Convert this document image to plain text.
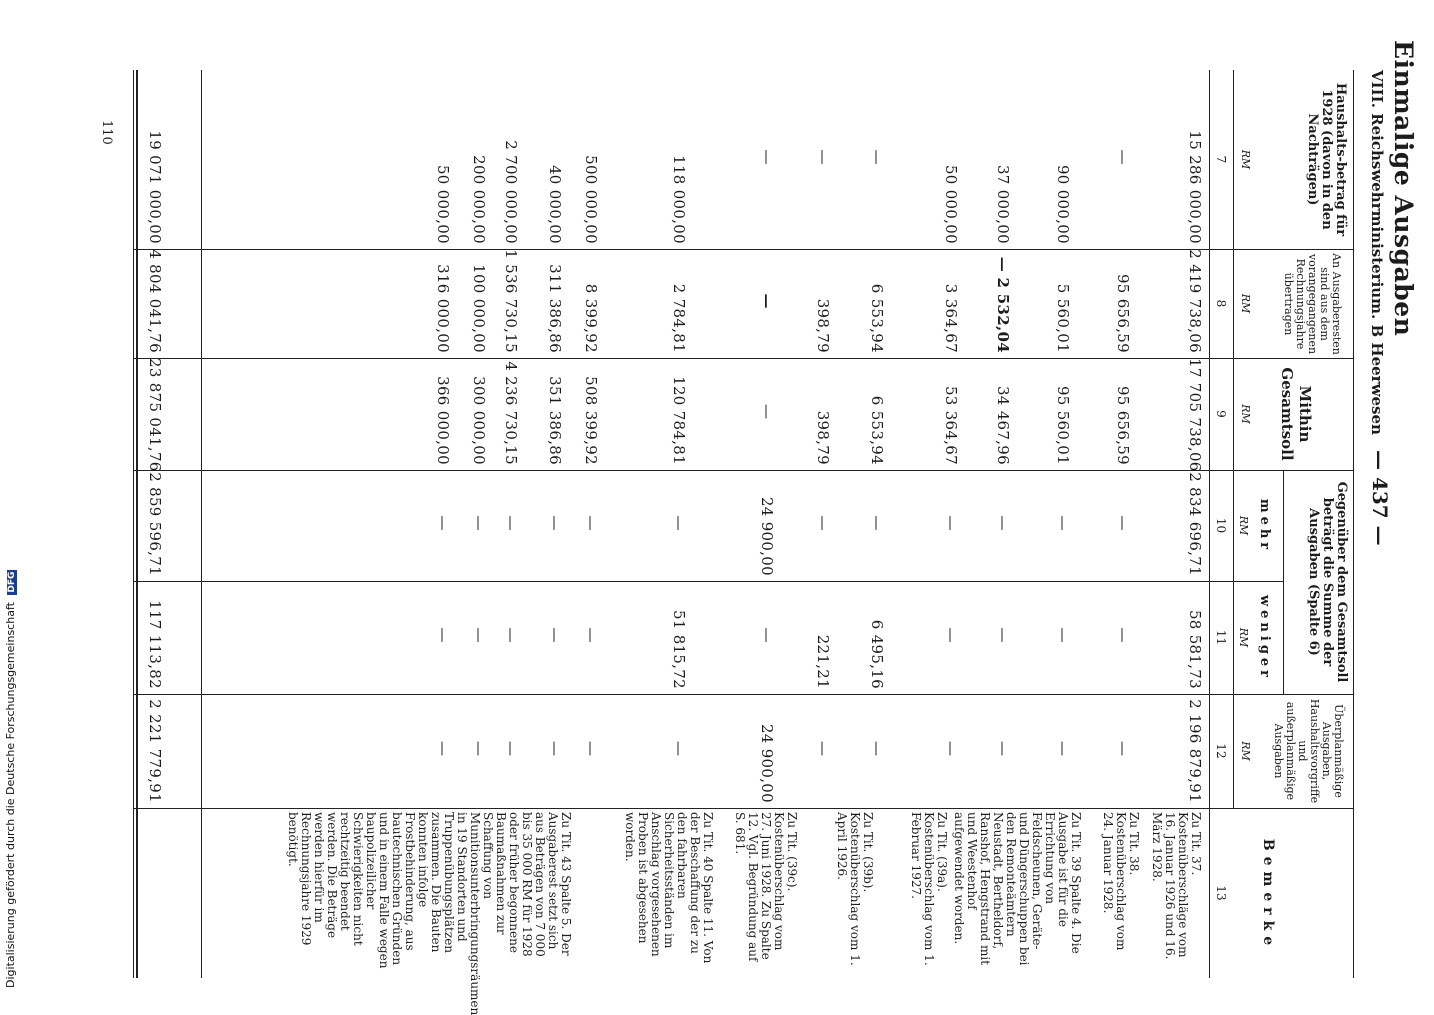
Einmalige Ausgaben
VIII. Reichswehrministerium. B Heerwesen
— 437 —
Haushalts-betrag für 1928 (davon in den Nachträgen)
An Ausgaberesten sind aus dem vorangegangenen Rechnungsjahre übertragen
Mithin Gesamtsoll
Gegenüber dem Gesamtsoll beträgt die Summe der Ausgaben (Spalte 6)
mehr
weniger
Überplanmäßige Ausgaben, Haushaltsvorgriffe und außerplanmäßige Ausgaben
Bemerke
RM
RM
RM
RM
RM
RM
7
8
9
10
11
12
13
15 286 000,00
2 419 738,06
17 705 738,06
2 834 696,71
58 581,73
2 196 879,91
—
95 656,59
95 656,59
—
—
—
90 000,00
5 560,01
95 560,01
—
—
—
37 000,00
— 2 532,04
34 467,96
—
—
—
50 000,00
3 364,67
53 364,67
—
—
—
—
6 553,94
6 553,94
—
6 495,16
—
—
398,79
398,79
—
221,21
—
—
—
—
24 900,00
—
24 900,00
118 000,00
2 784,81
120 784,81
—
51 815,72
—
500 000,00
8 399,92
508 399,92
—
—
—
40 000,00
311 386,86
351 386,86
—
—
—
2 700 000,00
1 536 730,15
4 236 730,15
—
—
—
200 000,00
100 000,00
300 000,00
—
—
—
50 000,00
316 000,00
366 000,00
—
—
—
19 071 000,00
4 804 041,76
23 875 041,76
2 859 596,71
117 113,82
2 221 779,91
Zu Tit. 37. Kostenüberschläge vom 16. Januar 1926 und 16. März 1928.
Zu Tit. 38. Kostenüberschlag vom 24. Januar 1928.
Zu Tit. 39 Spalte 4. Die Ausgabe ist für die Errichtung von Feldscheunen, Geräte- und Düngerschuppen bei den Remonteämtern Neustadt, Bertheldorf, Ranshof, Hengstrand mit und Weestenhof aufgewendet worden.
Zu Tit. (39a). Kostenüberschlag vom 1. Februar 1927.
Zu Tit. (39b). Kostenüberschlag vom 1. April 1926.
Zu Tit. (39c). Kostenüberschlag vom 27. Juni 1928. Zu Spalte 12. Vgl. Begründung auf S. 681.
Zu Tit. 40 Spalte 11. Von der Beschaffung der zu den fahrbaren Sicherheitsständen im Anschlag vorgesehenen Proben ist abgesehen worden.
Zu Tit. 43 Spalte 5. Der Ausgaberest setzt sich aus Beträgen von 7 000 bis 35 000 RM für 1928 oder früher begonnene Baumaßnahmen zur Schaffung von Munitionsunterbringungsräumen in 19 Standorten und Truppenübungsplätzen zusammen. Die Bauten konnten infolge Frostbehinderung, aus bautechnischen Gründen und in einem Falle wegen baupolizeilicher Schwierigkeiten nicht rechtzeitig beendet werden. Die Beträge werden hierfür im Rechnungsjahre 1929 benötigt.
110
Digitalisierung gefördert durch die Deutsche Forschungsgemeinschaft DFG
